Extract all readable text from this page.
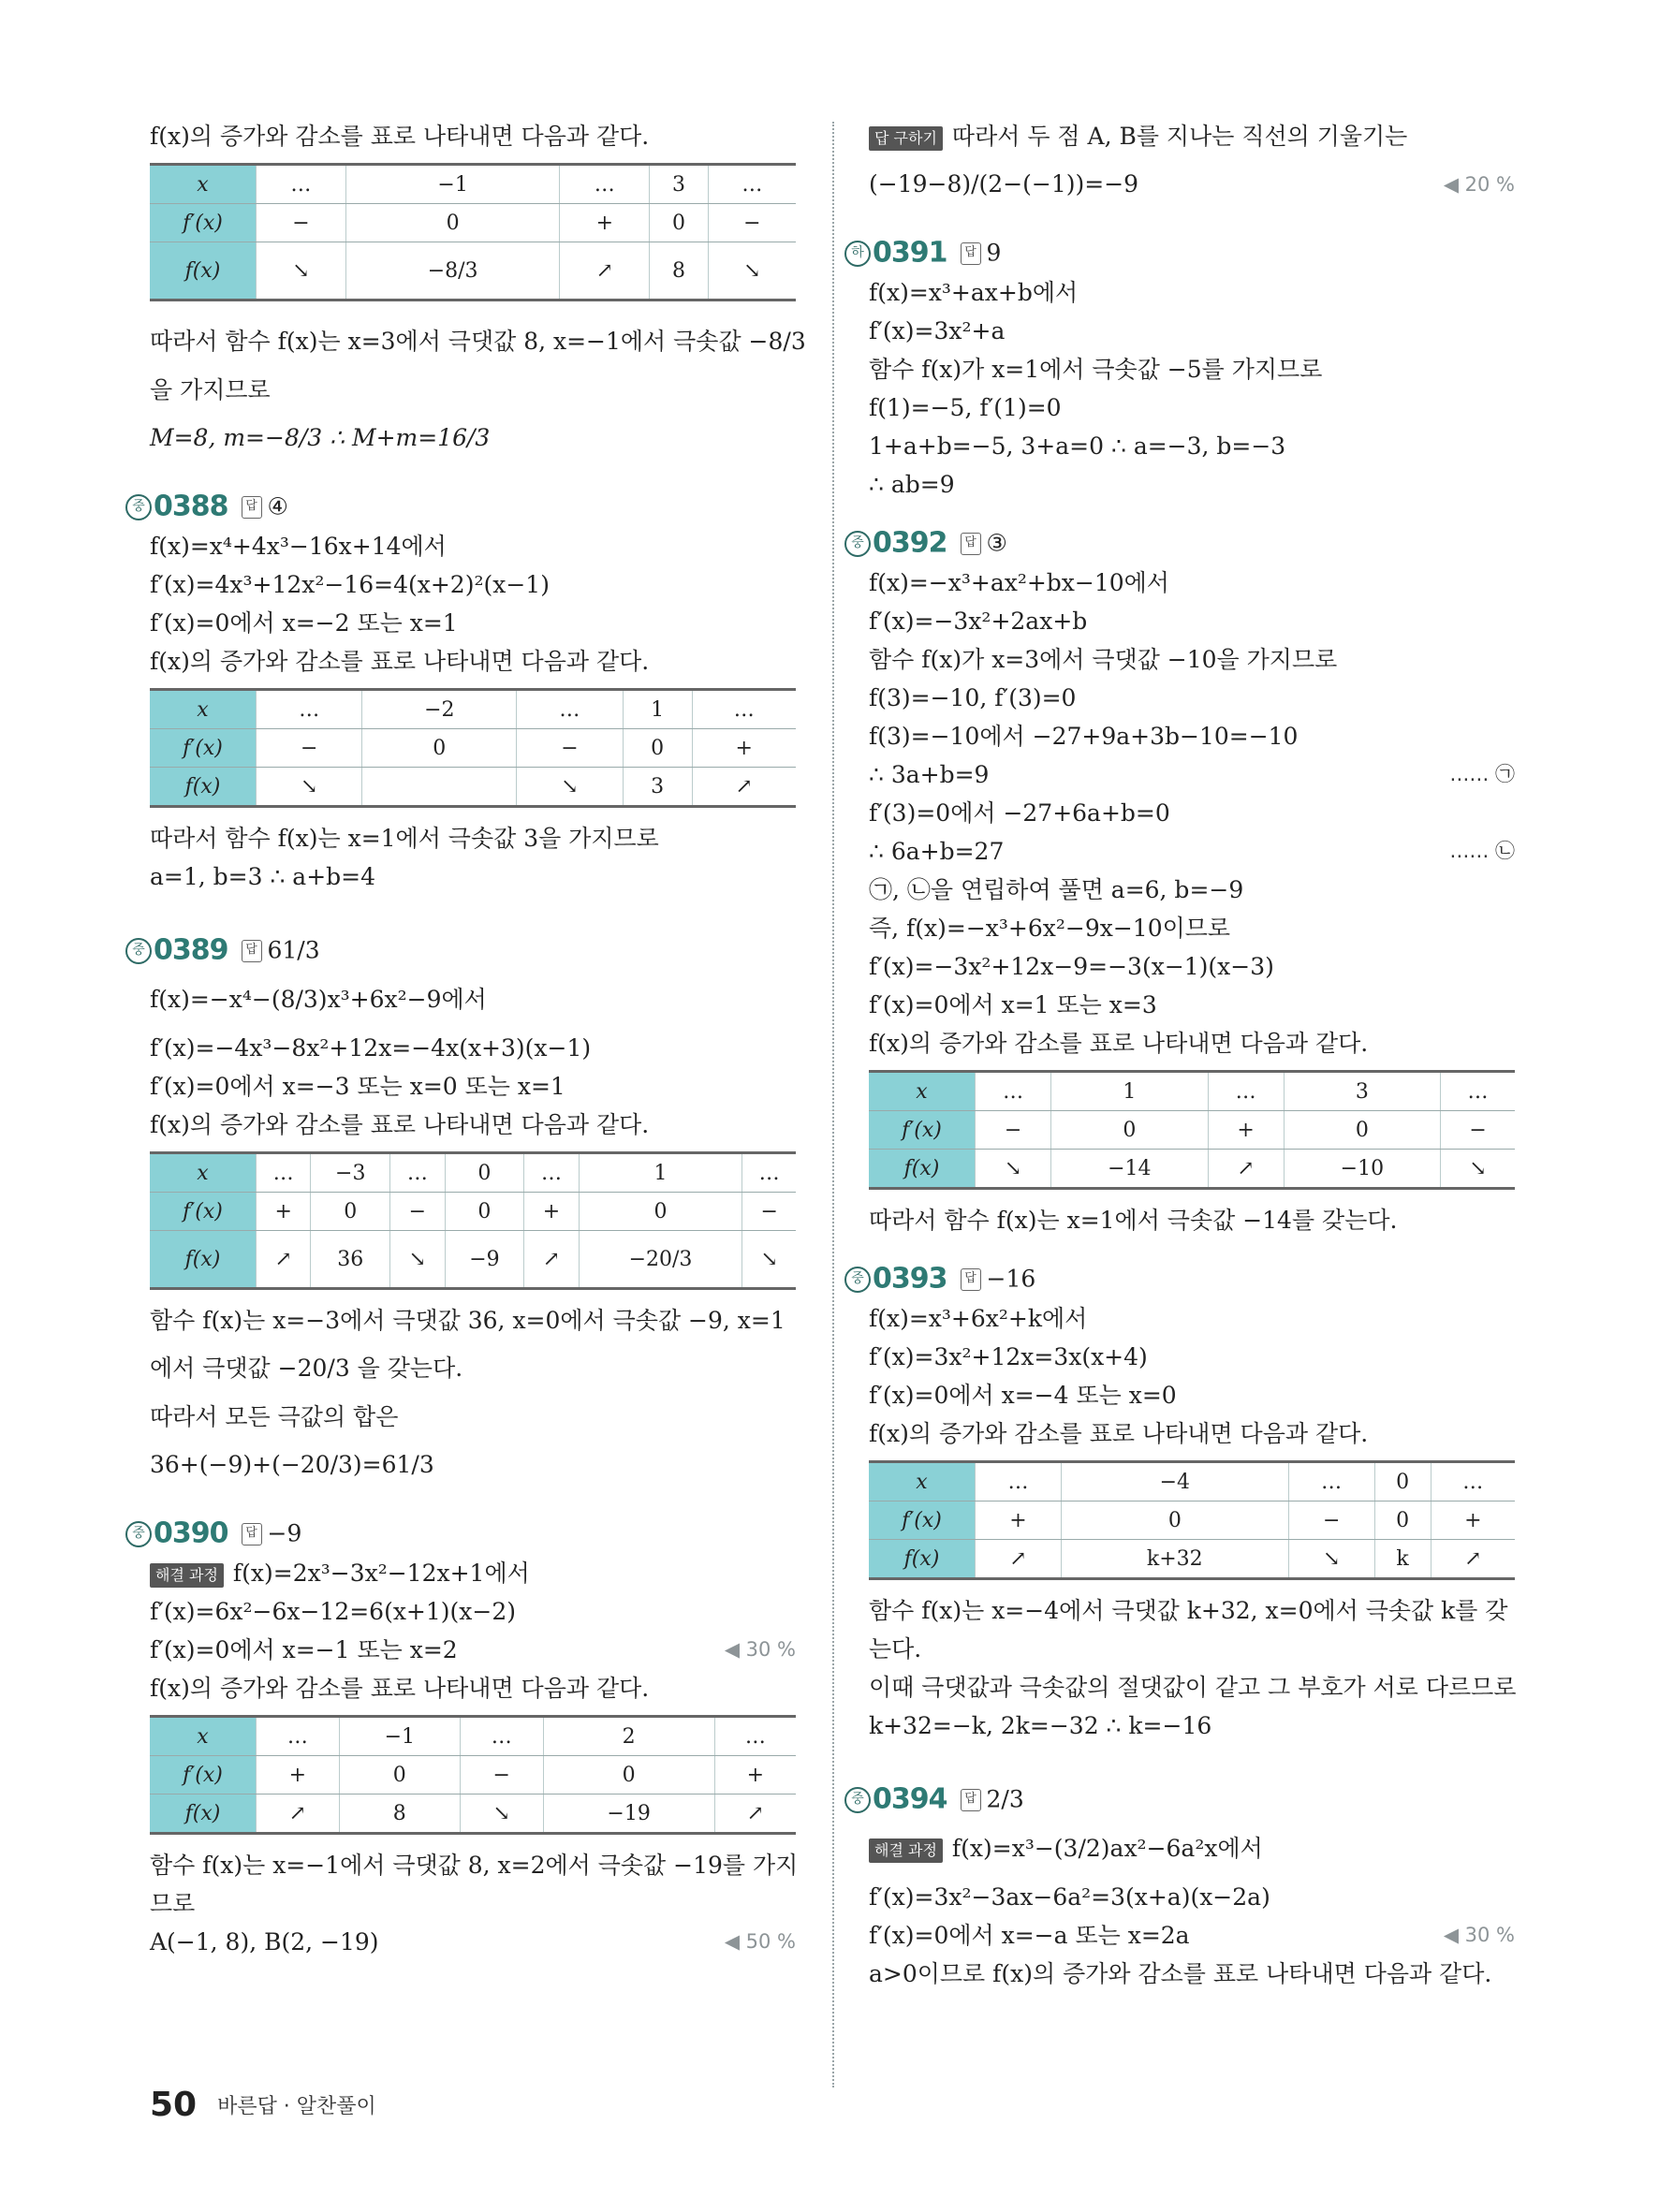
f(x)의 증가와 감소를 표로 나타내면 다음과 같다.
x	…	−1	…	3	…
f′(x)	−	0	+	0	−
f(x)	↘	−8/3	↗	8	↘
따라서 함수 f(x)는 x=3에서 극댓값 8, x=−1에서 극솟값 −8/3
을 가지므로
M=8, m=−8/3 ∴ M+m=16/3
중 0388 답 ④
f(x)=x⁴+4x³−16x+14에서
f′(x)=4x³+12x²−16=4(x+2)²(x−1)
f′(x)=0에서 x=−2 또는 x=1
f(x)의 증가와 감소를 표로 나타내면 다음과 같다.
x	…	−2	…	1	…
f′(x)	−	0	−	0	+
f(x)	↘		↘	3	↗
따라서 함수 f(x)는 x=1에서 극솟값 3을 가지므로
a=1, b=3 ∴ a+b=4
중 0389 답 61/3
f(x)=−x⁴−(8/3)x³+6x²−9에서
f′(x)=−4x³−8x²+12x=−4x(x+3)(x−1)
f′(x)=0에서 x=−3 또는 x=0 또는 x=1
f(x)의 증가와 감소를 표로 나타내면 다음과 같다.
x	…	−3	…	0	…	1	…
f′(x)	+	0	−	0	+	0	−
f(x)	↗	36	↘	−9	↗	−20/3	↘
함수 f(x)는 x=−3에서 극댓값 36, x=0에서 극솟값 −9, x=1
에서 극댓값 −20/3 을 갖는다.
따라서 모든 극값의 합은
36+(−9)+(−20/3)=61/3
중 0390 답 −9
해결 과정 f(x)=2x³−3x²−12x+1에서
f′(x)=6x²−6x−12=6(x+1)(x−2)
f′(x)=0에서 x=−1 또는 x=2	◀ 30 %
f(x)의 증가와 감소를 표로 나타내면 다음과 같다.
x	…	−1	…	2	…
f′(x)	+	0	−	0	+
f(x)	↗	8	↘	−19	↗
함수 f(x)는 x=−1에서 극댓값 8, x=2에서 극솟값 −19를 가지
므로
A(−1, 8), B(2, −19)	◀ 50 %
답 구하기 따라서 두 점 A, B를 지나는 직선의 기울기는
(−19−8)/(2−(−1))=−9	◀ 20 %
하 0391 답 9
f(x)=x³+ax+b에서
f′(x)=3x²+a
함수 f(x)가 x=1에서 극솟값 −5를 가지므로
f(1)=−5, f′(1)=0
1+a+b=−5, 3+a=0 ∴ a=−3, b=−3
∴ ab=9
중 0392 답 ③
f(x)=−x³+ax²+bx−10에서
f′(x)=−3x²+2ax+b
함수 f(x)가 x=3에서 극댓값 −10을 가지므로
f(3)=−10, f′(3)=0
f(3)=−10에서 −27+9a+3b−10=−10
∴ 3a+b=9	…… ㉠
f′(3)=0에서 −27+6a+b=0
∴ 6a+b=27	…… ㉡
㉠, ㉡을 연립하여 풀면 a=6, b=−9
즉, f(x)=−x³+6x²−9x−10이므로
f′(x)=−3x²+12x−9=−3(x−1)(x−3)
f′(x)=0에서 x=1 또는 x=3
f(x)의 증가와 감소를 표로 나타내면 다음과 같다.
x	…	1	…	3	…
f′(x)	−	0	+	0	−
f(x)	↘	−14	↗	−10	↘
따라서 함수 f(x)는 x=1에서 극솟값 −14를 갖는다.
중 0393 답 −16
f(x)=x³+6x²+k에서
f′(x)=3x²+12x=3x(x+4)
f′(x)=0에서 x=−4 또는 x=0
f(x)의 증가와 감소를 표로 나타내면 다음과 같다.
x	…	−4	…	0	…
f′(x)	+	0	−	0	+
f(x)	↗	k+32	↘	k	↗
함수 f(x)는 x=−4에서 극댓값 k+32, x=0에서 극솟값 k를 갖
는다.
이때 극댓값과 극솟값의 절댓값이 같고 그 부호가 서로 다르므로
k+32=−k, 2k=−32 ∴ k=−16
중 0394 답 2/3
해결 과정 f(x)=x³−(3/2)ax²−6a²x에서
f′(x)=3x²−3ax−6a²=3(x+a)(x−2a)
f′(x)=0에서 x=−a 또는 x=2a	◀ 30 %
a>0이므로 f(x)의 증가와 감소를 표로 나타내면 다음과 같다.
50 바른답 · 알찬풀이
